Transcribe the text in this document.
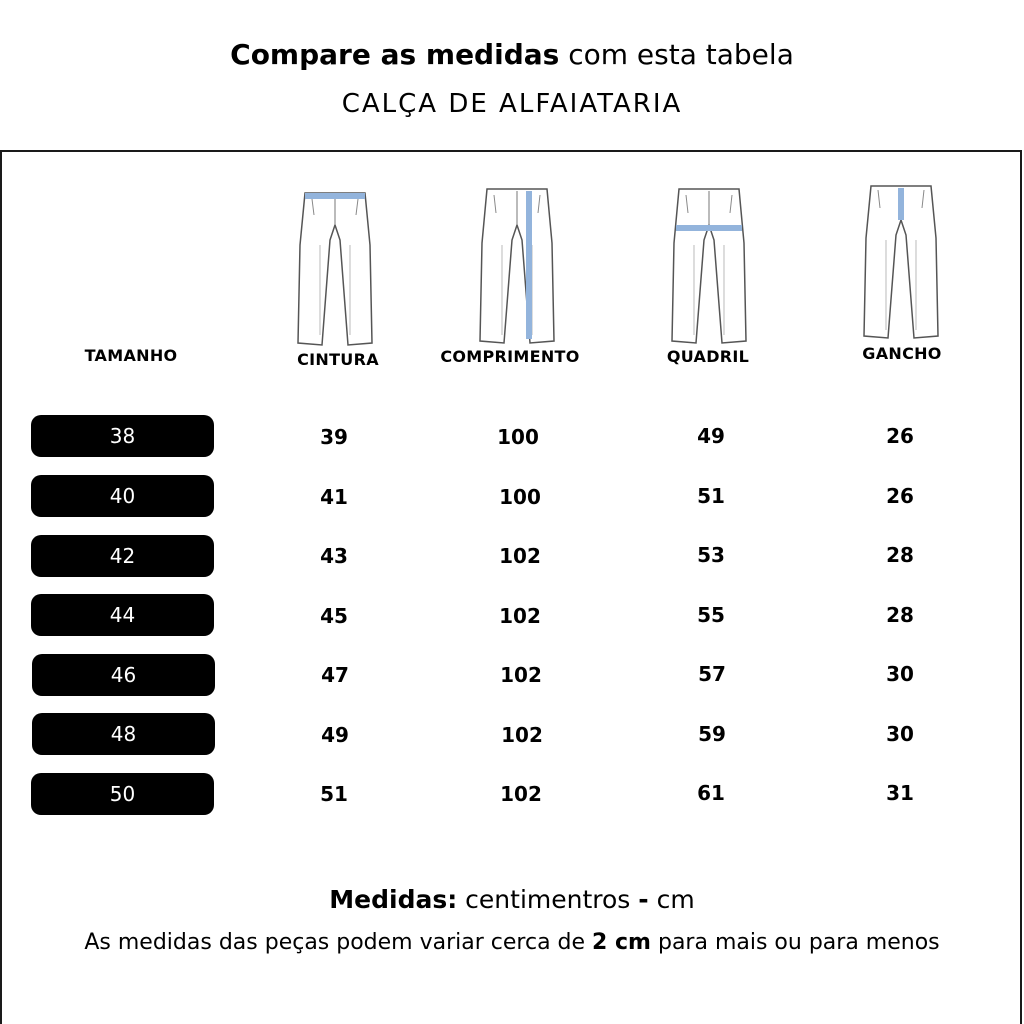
Compare as medidas com esta tabela
CALÇA DE ALFAIATARIA
TAMANHO	CINTURA	COMPRIMENTO	QUADRIL	GANCHO
38	39	100	49	26
40	41	100	51	26
42	43	102	53	28
44	45	102	55	28
46	47	102	57	30
48	49	102	59	30
50	51	102	61	31
Medidas: centimentros - cm
As medidas das peças podem variar cerca de 2 cm para mais ou para menos
